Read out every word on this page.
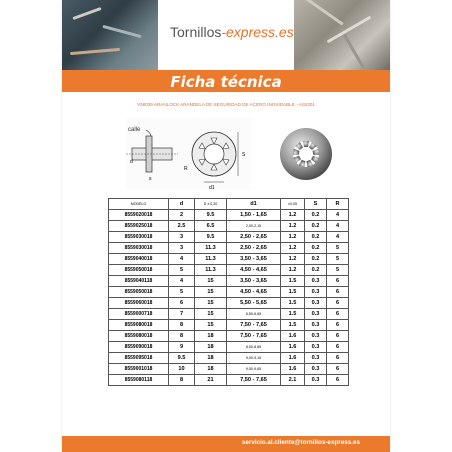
Tornillos-express.es
Ficha técnica
V58039 ARANLOCK ARANDELA DE SEGURIDAD DE ACERO INOXIDABLE - AISI301
calle
d
s
S
d1
R
MODELO	d	D ± 0,20	d1	±0,05	S	R
8559020018	2	9.5	1,50 - 1,65	1.2	0.2	4
8559025018	2.5	6.5	2,00-2,15	1.2	0.2	4
8559030018	3	9.5	2,50 - 2,65	1.2	0.2	4
8559030018	3	11.3	2,50 - 2,65	1.2	0.2	5
8559040018	4	11.3	3,50 - 3,65	1.2	0.2	5
8559050018	5	11.3	4,50 - 4,65	1.2	0.2	5
8559040118	4	15	3,50 - 3,65	1.5	0.3	6
8559050018	5	15	4,50 - 4,65	1.5	0.3	6
8559060018	6	15	5,50 - 5,65	1.5	0.3	6
8559000718	7	15	6,50-6,65	1.5	0.3	6
8559080018	8	15	7,50 - 7,65	1.5	0.3	6
8559080018	8	18	7,50 - 7,65	1.6	0.3	6
8559090018	9	18	8,50-8,65	1.6	0.3	6
8559095018	9.5	18	9,00-9,15	1.6	0.3	6
8559001018	10	18	9,50-9,65	1.6	0.3	6
8559080118	8	21	7,50 - 7,65	2.1	0.3	6
servicio.al.cliente@tornillos-express.es
